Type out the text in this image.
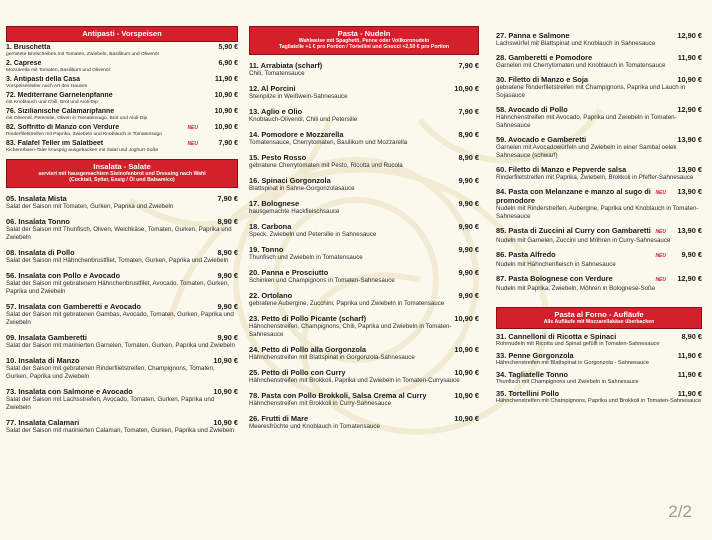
Antipasti - Vorspeisen
1. Bruschetta	5,90 €
geröstete Brotscheiben mit Tomaten, Zwiebeln, Basilikum und Olivenöl
2. Caprese	6,90 €
Mozzarella mit Tomaten, Basilikum und Olivenöl
3. Antipasti della Casa	11,90 €
Vorspeisenteller nach Art des Hauses
72. Mediterrane Garnelenpfanne	10,90 €
mit Knoblauch und Chili, Brot und Aioli-Dip
76. Sizilianische Calamaripfanne	10,90 €
mit Olivenöl, Petersilie, Oliven in Tomatensugo, Brot und Aioli-Dip
82. Soffritto di Manzo con Verdure	NEU	10,90 €
Rinderfiletstreifen mit Paprika, Zwiebeln und Knoblauch in Tomatensugo
83. Falafel Teller im Salatbeet	NEU	7,90 €
Kichererbsen-Taler knusprig ausgebacken mit Salat und Joghurt-Soße
Insalata - Salate
serviert mit hausgemachtem Steinofenbrot und Dressing nach Wahl
(Cocktail, Sylter, Essig / Öl und Balsamico)
05. Insalata Mista	7,90 €
Salat der Saison mit Tomaten, Gurken, Paprika und Zwiebeln
06. Insalata Tonno	8,90 €
Salat der Saison mit Thunfisch, Oliven, Weichkäse, Tomaten, Gurken, Paprika und Zwiebeln
08. Insalata di Pollo	8,90 €
Salat der Saison mit Hähnchenbrustfilet, Tomaten, Gurken, Paprika und Zwiebeln
56. Insalata con Pollo e Avocado	9,90 €
Salat der Saison mit gebratenem Hähnchenbrustfilet, Avocado, Tomaten, Gurken, Paprika und Zwiebeln
57. Insalata con Gamberetti e Avocado	9,90 €
Salat der Saison mit gebratenen Gambas, Avocado, Tomaten, Gurken, Paprika und Zwiebeln
09. Insalata Gamberetti	9,90 €
Salat der Saison mit marinierten Garnelen, Tomaten, Gurken, Paprika und Zwiebeln
10. Insalata di Manzo	10,90 €
Salat der Saison mit gebratenen Rinderfiletstreifen, Champignons, Tomaten, Gurken, Paprika und Zwiebeln
73. Insalata con Salmone e Avocado	10,90 €
Salat der Saison mit Lachsstreifen, Avocado, Tomaten, Gurken, Paprika und Zwiebeln
77. Insalata Calamari	10,90 €
Salat der Saison mit marinierten Calamari, Tomaten, Gurken, Paprika und Zwiebeln
Pasta - Nudeln
Wahlweise mit Spaghetti, Penne oder Vollkornnudeln
Tagliatelle +1 € pro Portion / Tortellini und Gnocci +2,50 € pro Portion
11. Arrabiata (scharf)	7,90 €
Chili, Tomatensauce
12. Al Porcini	10,90 €
Steinpilze in Weißwein-Sahnesauce
13. Aglio e Olio	7,90 €
Knoblauch-Olivenöl, Chili und Petersilie
14. Pomodore e Mozzarella	8,90 €
Tomatensauce, Cherrytomaten, Basilikum und Mozzarella
15. Pesto Rosso	8,90 €
gebratene Cherrytomaten mit Pesto, Ricotta und Rucola
16. Spinaci Gorgonzola	9,90 €
Blattspinat in Sahne-Gorgonzolasauce
17. Bolognese	9,90 €
hausgemachte Hackfleischsauce
18. Carbona	9,90 €
Speck, Zwiebeln und Petersilie in Sahnesauce
19. Tonno	9,90 €
Thunfisch und Zwiebeln in Tomatensauce
20. Panna e Prosciutto	9,90 €
Schinken und Champignons in Tomaten-Sahnesauce
22. Ortolano	9,90 €
gebratene Aubergine, Zucchini, Paprika und Zwiebeln in Tomatensauce
23. Petto di Pollo Picante (scharf)	10,90 €
Hähnchenstreifen, Champignons, Chili, Paprika und Zwiebeln in Tomaten-Sahnesauce
24. Petto di Pollo alla Gorgonzola	10,90 €
Hähnchenstreifen mit Blattspinat in Gorgonzola-Sahnesauce
25. Petto di Pollo con Curry	10,90 €
Hähnchenstreifen mit Brokkoli, Paprika und Zwiebeln in Tomaten-Currysauce
78. Pasta con Pollo Brokkoli, Salsa Crema al Curry	10,90 €
Hähnchenstreifen mit Brokkoli in Curry-Sahnesauce
26. Frutti di Mare	10,90 €
Meeresfrüchte und Knoblauch in Tomatensauce
27. Panna e Salmone	12,90 €
Lachswürfel mit Blattspinat und Knoblauch in Sahnesauce
28. Gamberetti e Pomodore	11,90 €
Garnelen mit Cherrytomaten und Knoblauch in Tomatensauce
30. Filetto di Manzo e Soja	10,90 €
gebratene Rinderfiletstreifen mit Champignons, Paprika und Lauch in Sojasauce
58. Avocado di Pollo	12,90 €
Hähnchenstreifen mit Avocado, Paprika und Zwiebeln in Tomaten-Sahnesauce
59. Avocado e Gamberetti	13,90 €
Garnelen mit Avocadowürfeln und Zwiebeln in einer Sambal oelek Sahnesauce (schwarf)
60. Filetto di Manzo e Pepverde salsa	13,90 €
Rinderfiletstreifen mit Paprika, Zwiebeln, Brokkoli in Pfeffer-Sahnesauce
84. Pasta con Melanzane e manzo al sugo di promodore
NEU	13,90 €
Nudeln mit Rinderstreifen, Aubergine, Paprika und Knoblauch in Tomaten-Sahnesauce
85. Pasta di Zuccini al Curry con Gambaretti NEU	13,90 €
Nudeln mit Garnelen, Zuccini und Möhren in Curry-Sahnesauce
86. Pasta Alfredo	NEU	9,90 €
Nudeln mit Hähnchenfleisch in Sahnesauce
87. Pasta Bolognese con Verdure	NEU	12,90 €
Nudeln mit Paprika, Zwiebeln, Möhren in Bolognese-Soße
Pasta al Forno - Aufläufe
Alle Aufläufe mit Mozzarellakäse überbacken
31. Cannelloni di Ricotta e Spinaci	8,90 €
Rohrnudeln mit Ricotta und Spinat gefüllt in Tomaten-Sahnesauce
33. Penne Gorgonzola	11,90 €
Hähnchenstreifen mit Blattspinat in Gorgonzola - Sahnesauce
34. Tagliatelle Tonno	11,90 €
Thunfisch mit Champignons und Zwiebeln in Sahnesauce
35. Tortellini Pollo	11,90 €
Hähnchenstreifen mit Champignons, Paprika und Brokkoli in Tomaten-Sahnesauce
2/2
